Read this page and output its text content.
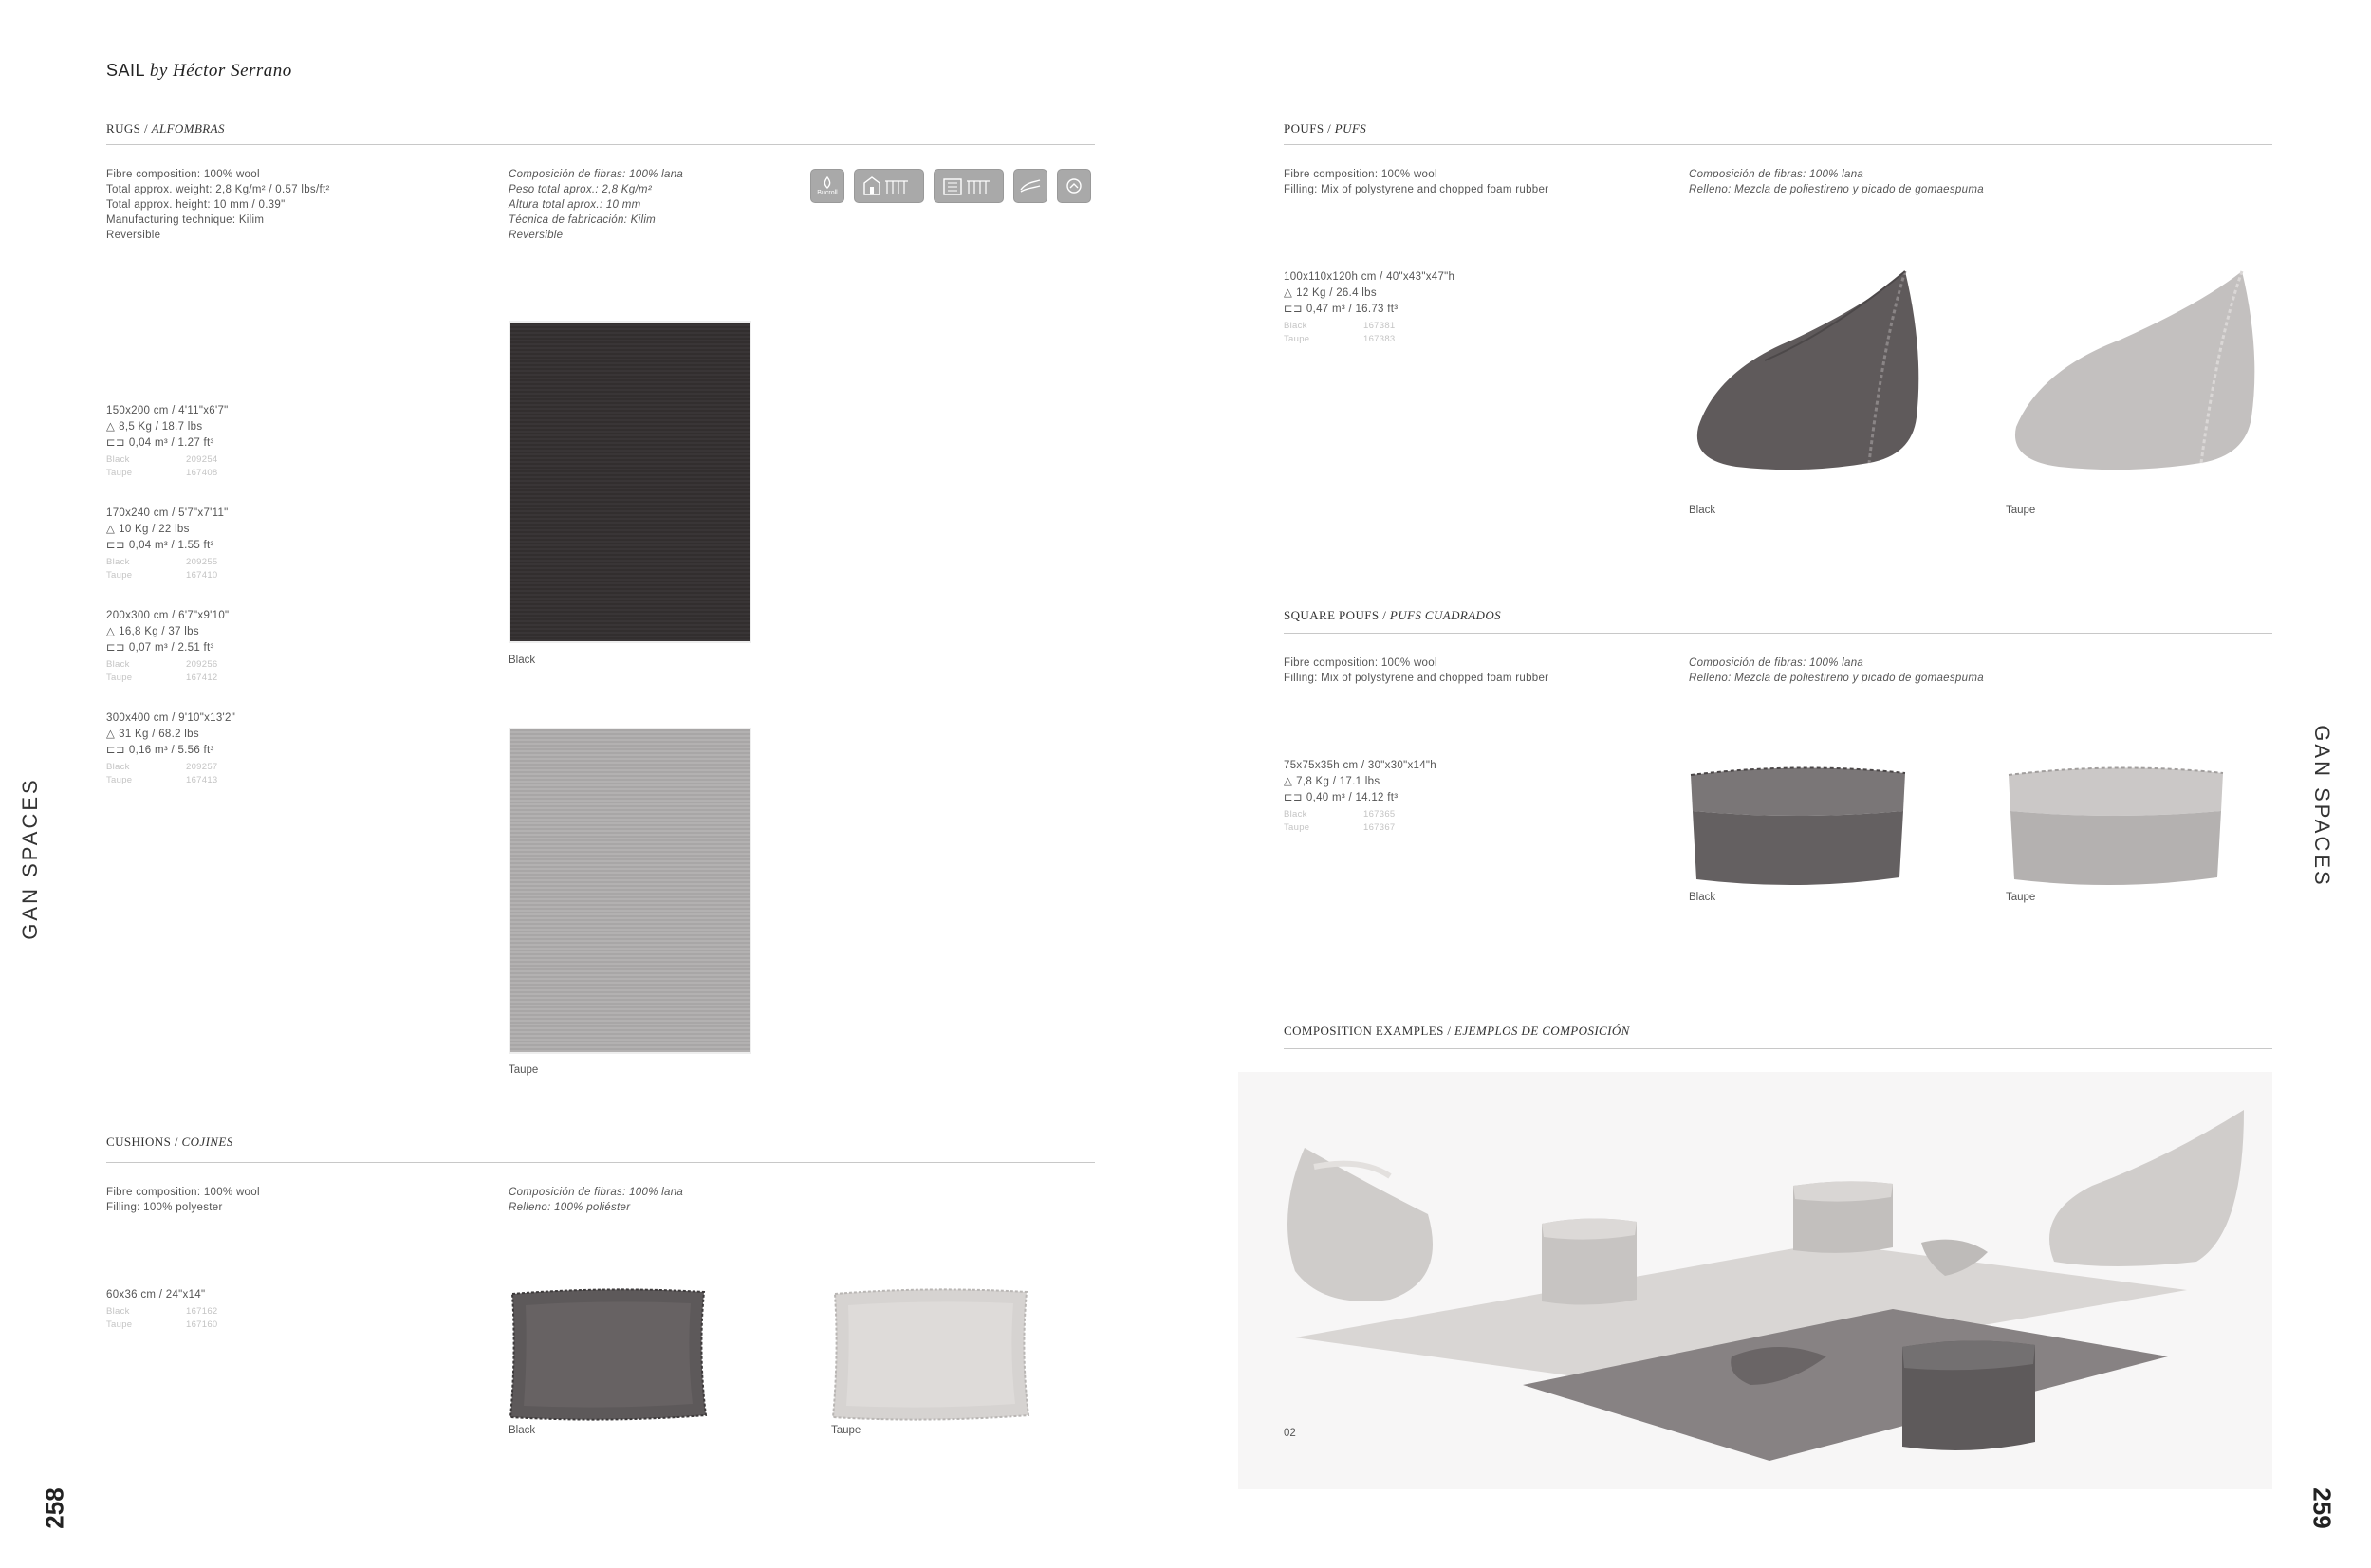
SAIL by Héctor Serrano
GAN SPACES	GAN SPACES
258	259
RUGS / ALFOMBRAS
Fibre composition: 100% wool
Total approx. weight: 2,8 Kg/m² / 0.57 lbs/ft²
Total approx. height: 10 mm / 0.39"
Manufacturing technique: Kilim
Reversible
Composición de fibras: 100% lana
Peso total aprox.: 2,8 Kg/m²
Altura total aprox.: 10 mm
Técnica de fabricación: Kilim
Reversible
Bucroll
150x200 cm / 4'11"x6'7"
△ 8,5 Kg / 18.7 lbs
⊏⊐ 0,04 m³ / 1.27 ft³
Black	209254
Taupe	167408
170x240 cm / 5'7"x7'11"
△ 10 Kg / 22 lbs
⊏⊐ 0,04 m³ / 1.55 ft³
Black	209255
Taupe	167410
200x300 cm / 6'7"x9'10"
△ 16,8 Kg / 37 lbs
⊏⊐ 0,07 m³ / 2.51 ft³
Black	209256
Taupe	167412
300x400 cm / 9'10"x13'2"
△ 31 Kg / 68.2 lbs
⊏⊐ 0,16 m³ / 5.56 ft³
Black	209257
Taupe	167413
Black
Taupe
CUSHIONS / COJINES
Fibre composition: 100% wool
Filling: 100% polyester
Composición de fibras: 100% lana
Relleno: 100% poliéster
60x36 cm / 24"x14"
Black	167162
Taupe	167160
Black	Taupe
POUFS / PUFS
Fibre composition: 100% wool
Filling: Mix of polystyrene and chopped foam rubber
Composición de fibras: 100% lana
Relleno: Mezcla de poliestireno y picado de gomaespuma
100x110x120h cm / 40"x43"x47"h
△ 12 Kg / 26.4 lbs
⊏⊐ 0,47 m³ / 16.73 ft³
Black	167381
Taupe	167383
Black	Taupe
SQUARE POUFS / PUFS CUADRADOS
Fibre composition: 100% wool
Filling: Mix of polystyrene and chopped foam rubber
Composición de fibras: 100% lana
Relleno: Mezcla de poliestireno y picado de gomaespuma
75x75x35h cm / 30"x30"x14"h
△ 7,8 Kg / 17.1 lbs
⊏⊐ 0,40 m³ / 14.12 ft³
Black	167365
Taupe	167367
Black	Taupe
COMPOSITION EXAMPLES / EJEMPLOS DE COMPOSICIÓN
02
